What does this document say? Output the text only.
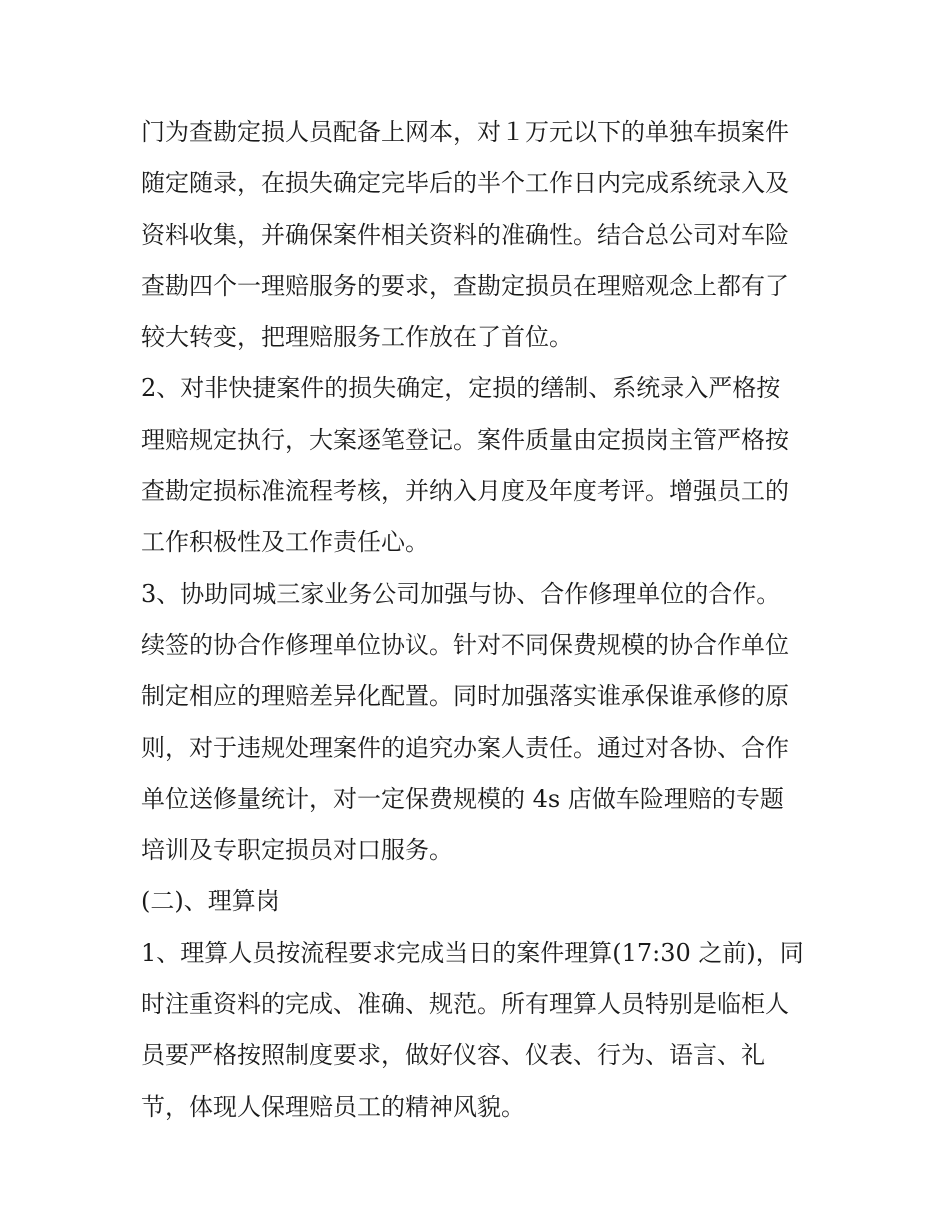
门为查勘定损人员配备上网本，对１万元以下的单独车损案件
随定随录，在损失确定完毕后的半个工作日内完成系统录入及
资料收集，并确保案件相关资料的准确性。结合总公司对车险
查勘四个一理赔服务的要求，查勘定损员在理赔观念上都有了
较大转变，把理赔服务工作放在了首位。
2、对非快捷案件的损失确定，定损的缮制、系统录入严格按
理赔规定执行，大案逐笔登记。案件质量由定损岗主管严格按
查勘定损标准流程考核，并纳入月度及年度考评。增强员工的
工作积极性及工作责任心。
3、协助同城三家业务公司加强与协、合作修理单位的合作。
续签的协合作修理单位协议。针对不同保费规模的协合作单位
制定相应的理赔差异化配置。同时加强落实谁承保谁承修的原
则，对于违规处理案件的追究办案人责任。通过对各协、合作
单位送修量统计，对一定保费规模的 4s 店做车险理赔的专题
培训及专职定损员对口服务。
(二)、理算岗
1、理算人员按流程要求完成当日的案件理算(17:30 之前)，同
时注重资料的完成、准确、规范。所有理算人员特别是临柜人
员要严格按照制度要求，做好仪容、仪表、行为、语言、礼
节，体现人保理赔员工的精神风貌。
